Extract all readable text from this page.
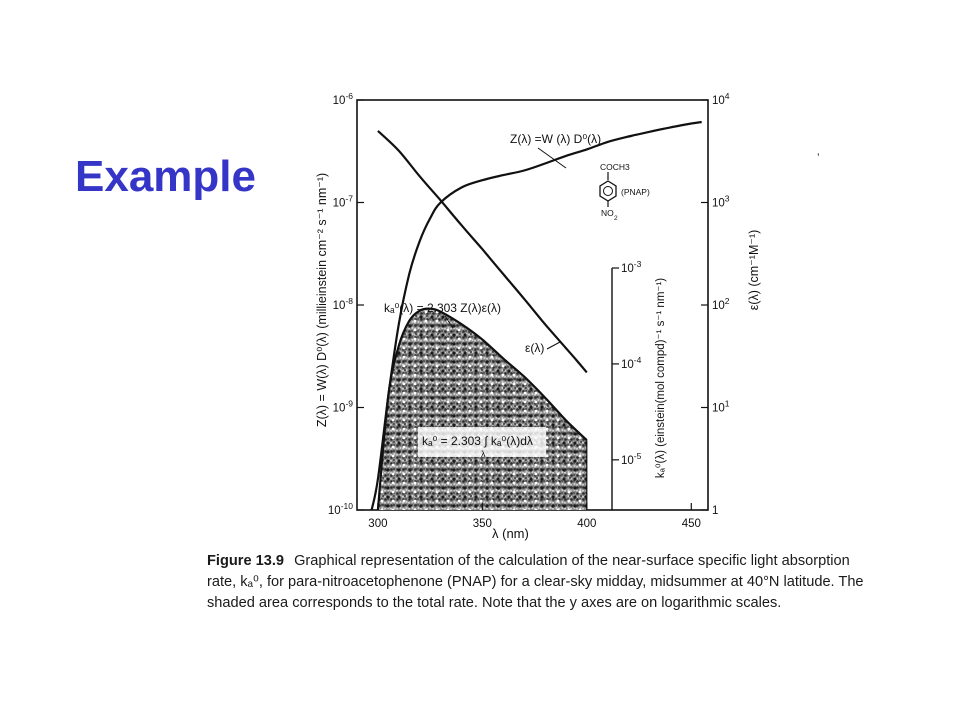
Example	ʼ
$10^{-6}$
$10^{-7}$
$10^{-8}$
$10^{-9}$
$10^{-10}$
$10^4$
$10^3$
$10^2$
$10^1$
1
$10^{-3}$
$10^{-4}$
$10^{-5}$
300	350	400	450
λ (nm)
Z(λ) = W(λ) D⁰(λ) (millieinstein cm⁻² s⁻¹ nm⁻¹)	ε(λ) (cm⁻¹M⁻¹)
kₐ⁰(λ) (einstein(mol compd)⁻¹ s⁻¹ nm⁻¹)
Z(λ) =W (λ) D⁰(λ)
ε(λ)
kₐ⁰(λ) = 2.303 Z(λ)ε(λ)
kₐ⁰ = 2.303 ∫ kₐ⁰(λ)dλ
λ
COCH3
(PNAP)
NO
2
Figure 13.9 Graphical representation of the calculation of the near-surface specific light absorption rate, kₐ⁰, for para-nitroacetophenone (PNAP) for a clear-sky midday, midsummer at 40°N latitude. The shaded area corresponds to the total rate. Note that the y axes are on logarithmic scales.
